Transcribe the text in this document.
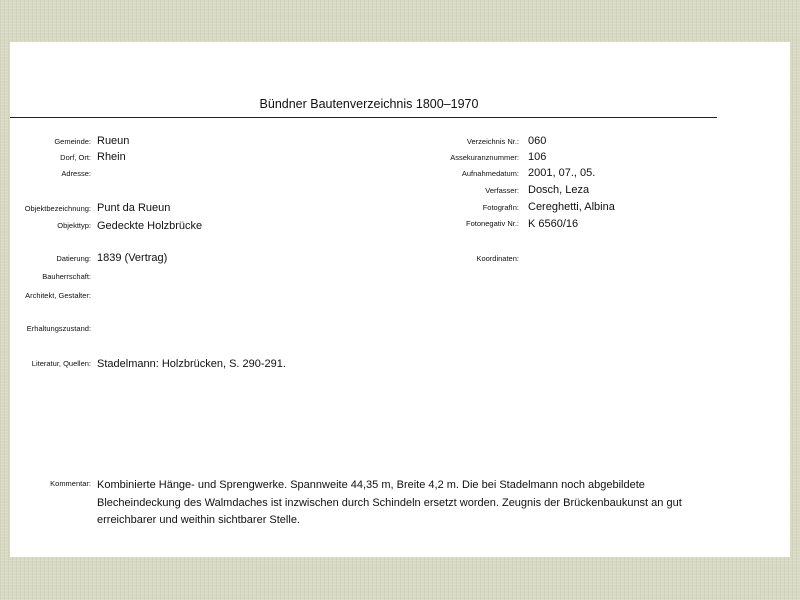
Bündner Bautenverzeichnis 1800–1970
Gemeinde: Rueun
Dorf, Ort: Rhein
Adresse:
Objektbezeichnung: Punt da Rueun
Objekttyp: Gedeckte Holzbrücke
Datierung: 1839 (Vertrag)
Bauherrschaft:
Architekt, Gestalter:
Erhaltungszustand:
Literatur, Quellen: Stadelmann: Holzbrücken, S. 290-291.
Kommentar: Kombinierte Hänge- und Sprengwerke. Spannweite 44,35 m, Breite 4,2 m. Die bei Stadelmann noch abgebildete Blecheindeckung des Walmdaches ist inzwischen durch Schindeln ersetzt worden. Zeugnis der Brückenbaukunst an gut erreichbarer und weithin sichtbarer Stelle.
Verzeichnis Nr.: 060
Assekuranznummer: 106
Aufnahmedatum: 2001, 07., 05.
Verfasser: Dosch, Leza
FotografIn: Cereghetti, Albina
Fotonegativ Nr.: K 6560/16
Koordinaten:
